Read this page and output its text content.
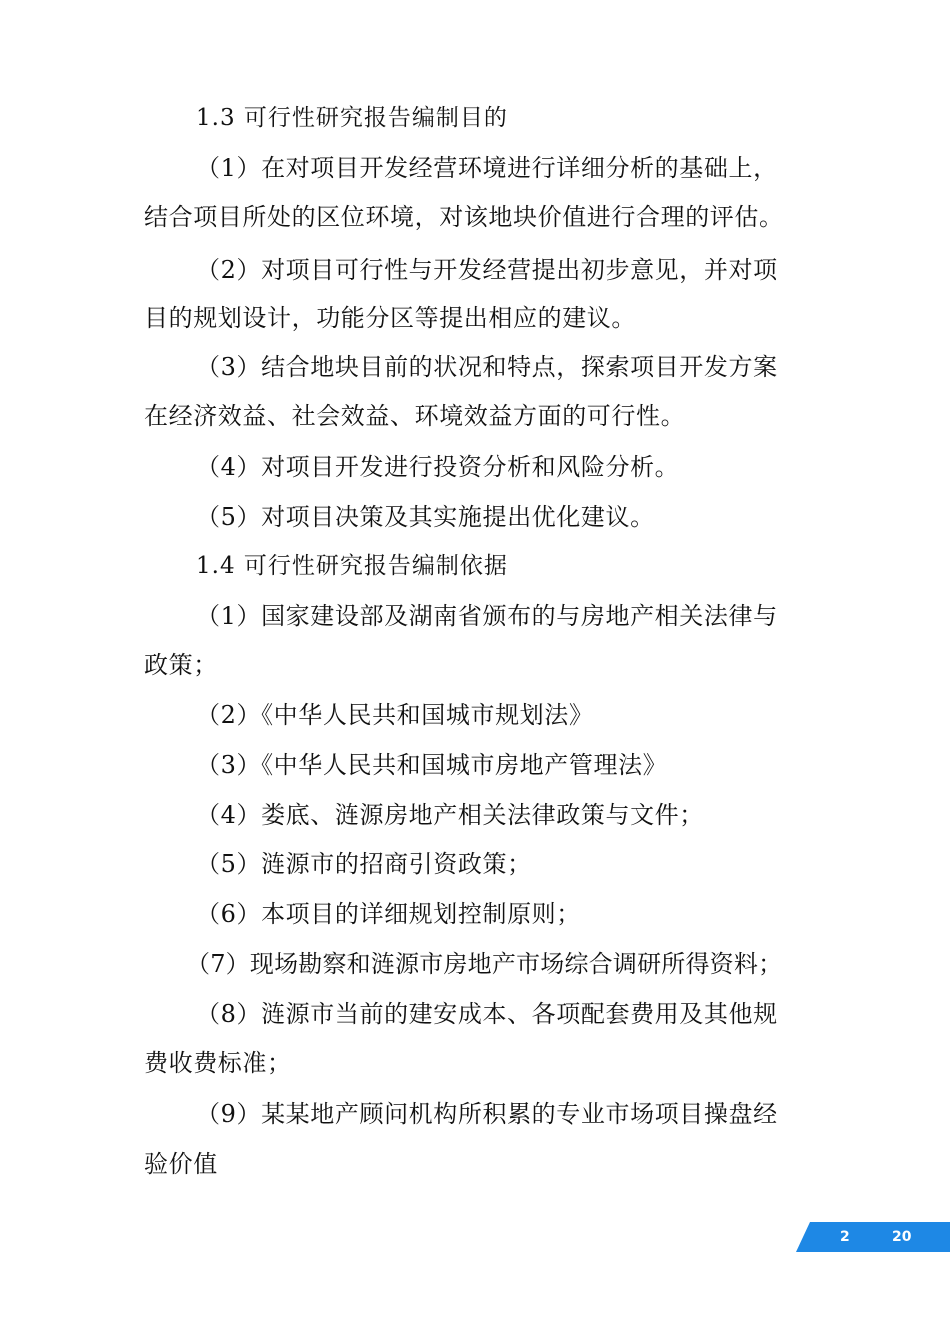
1.3 可行性研究报告编制目的
（1）在对项目开发经营环境进行详细分析的基础上，
结合项目所处的区位环境，对该地块价值进行合理的评估。
（2）对项目可行性与开发经营提出初步意见，并对项
目的规划设计，功能分区等提出相应的建议。
（3）结合地块目前的状况和特点，探索项目开发方案
在经济效益、社会效益、环境效益方面的可行性。
（4）对项目开发进行投资分析和风险分析。
（5）对项目决策及其实施提出优化建议。
1.4 可行性研究报告编制依据
（1）国家建设部及湖南省颁布的与房地产相关法律与
政策；
（2）《中华人民共和国城市规划法》
（3）《中华人民共和国城市房地产管理法》
（4）娄底、涟源房地产相关法律政策与文件；
（5）涟源市的招商引资政策；
（6）本项目的详细规划控制原则；
（7）现场勘察和涟源市房地产市场综合调研所得资料；
（8）涟源市当前的建安成本、各项配套费用及其他规
费收费标准；
（9）某某地产顾问机构所积累的专业市场项目操盘经
验价值
2	20
